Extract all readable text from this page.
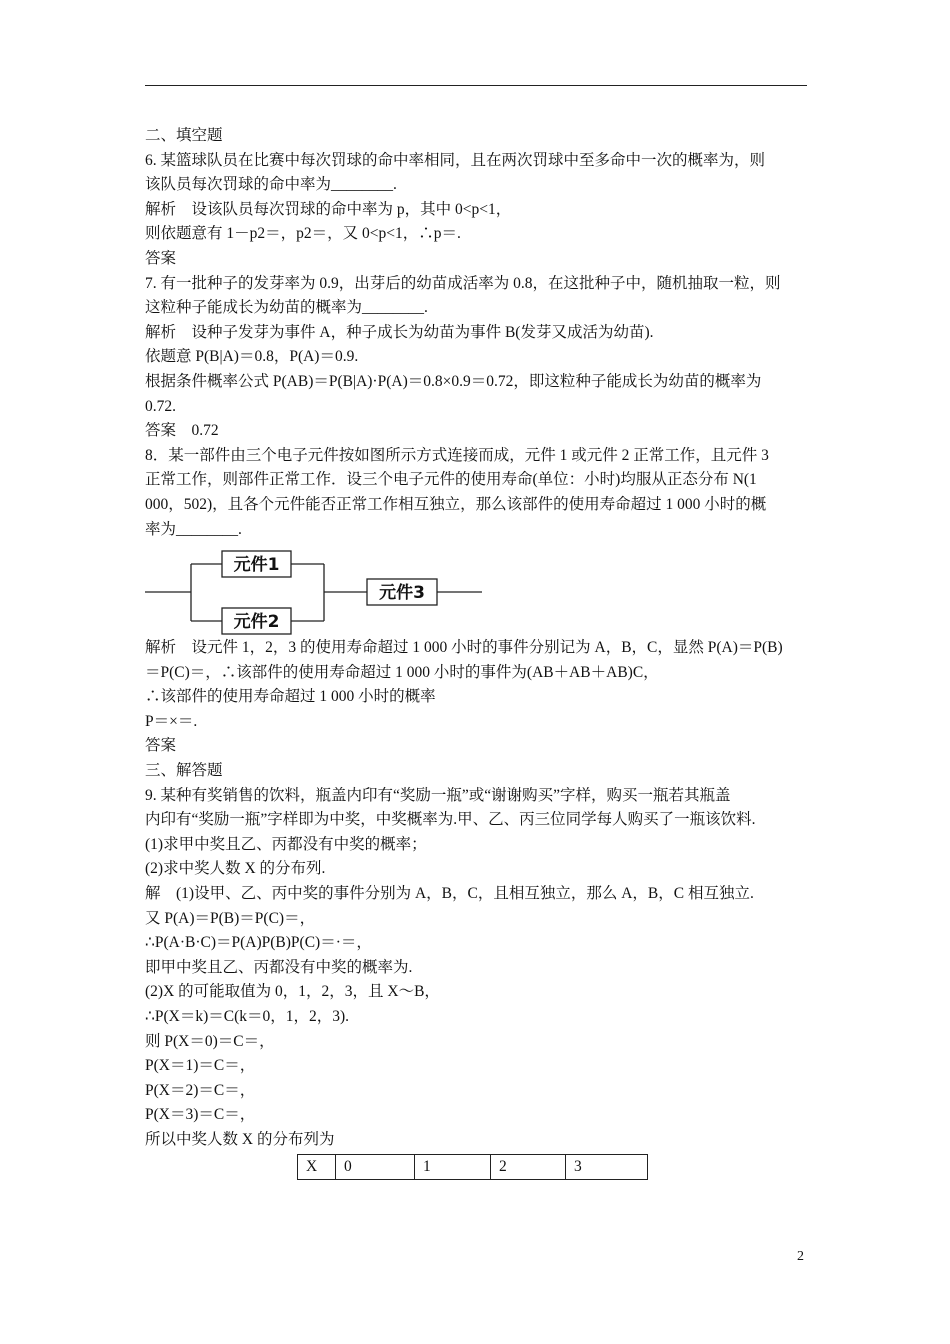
二、填空题

6. 某篮球队员在比赛中每次罚球的命中率相同，且在两次罚球中至多命中一次的概率为，则

该队员每次罚球的命中率为________.

解析　设该队员每次罚球的命中率为 p，其中 0<p<1，

则依题意有 1－p2＝，p2＝，又 0<p<1，∴p＝.

答案

7. 有一批种子的发芽率为 0.9，出芽后的幼苗成活率为 0.8，在这批种子中，随机抽取一粒，则

这粒种子能成长为幼苗的概率为________.

解析　设种子发芽为事件 A，种子成长为幼苗为事件 B(发芽又成活为幼苗).

依题意 P(B|A)＝0.8，P(A)＝0.9.

根据条件概率公式 P(AB)＝P(B|A)·P(A)＝0.8×0.9＝0.72，即这粒种子能成长为幼苗的概率为

0.72.

答案　0.72

8．某一部件由三个电子元件按如图所示方式连接而成，元件 1 或元件 2 正常工作，且元件 3

正常工作，则部件正常工作．设三个电子元件的使用寿命(单位：小时)均服从正态分布 N(1

000，502)，且各个元件能否正常工作相互独立，那么该部件的使用寿命超过 1 000 小时的概

率为________.

元件1
元件2
元件3

解析　设元件 1，2，3 的使用寿命超过 1 000 小时的事件分别记为 A，B，C，显然 P(A)＝P(B)

＝P(C)＝，∴该部件的使用寿命超过 1 000 小时的事件为(AB＋AB＋AB)C，

∴该部件的使用寿命超过 1 000 小时的概率

P＝×＝.

答案

三、解答题

9. 某种有奖销售的饮料，瓶盖内印有“奖励一瓶”或“谢谢购买”字样，购买一瓶若其瓶盖

内印有“奖励一瓶”字样即为中奖，中奖概率为.甲、乙、丙三位同学每人购买了一瓶该饮料.

(1)求甲中奖且乙、丙都没有中奖的概率；

(2)求中奖人数 X 的分布列.

解　(1)设甲、乙、丙中奖的事件分别为 A，B，C，且相互独立，那么 A，B，C 相互独立.

又 P(A)＝P(B)＝P(C)＝，

∴P(A·B·C)＝P(A)P(B)P(C)＝·＝，

即甲中奖且乙、丙都没有中奖的概率为.

(2)X 的可能取值为 0，1，2，3，且 X～B，

∴P(X＝k)＝C(k＝0，1，2，3).

则 P(X＝0)＝C＝，

P(X＝1)＝C＝，

P(X＝2)＝C＝，

P(X＝3)＝C＝，

所以中奖人数 X 的分布列为

X	0	1	2	3
2
